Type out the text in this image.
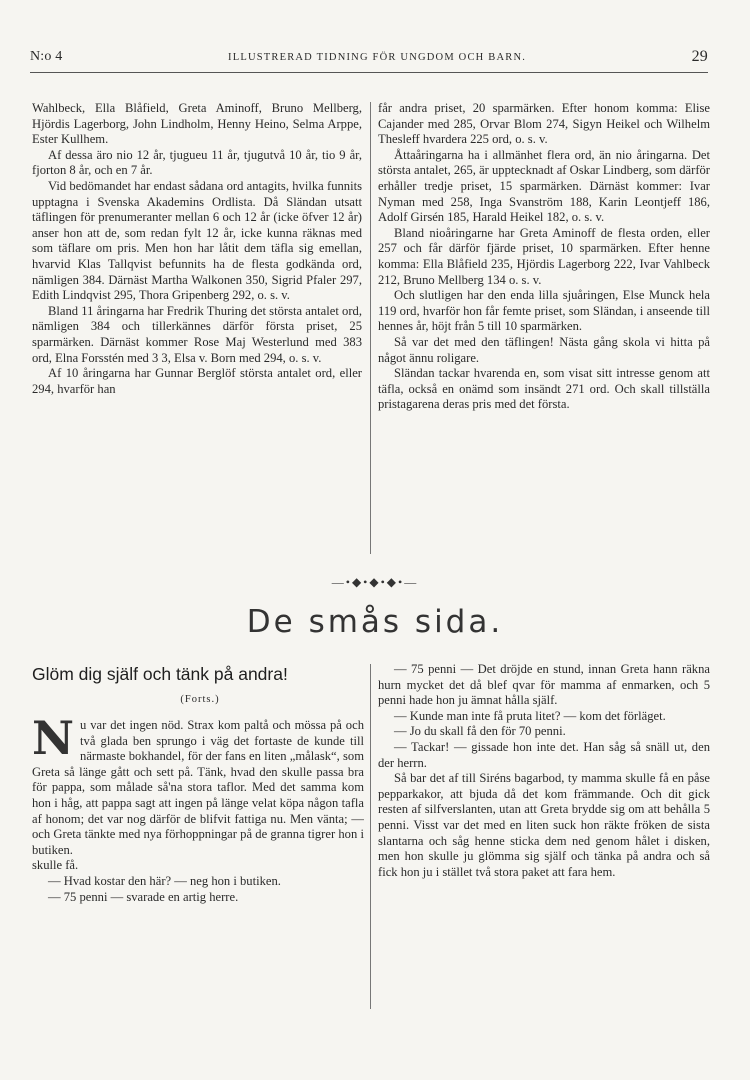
N:o 4	ILLUSTRERAD TIDNING FÖR UNGDOM OCH BARN.	29

Wahlbeck, Ella Blåfield, Greta Aminoff, Bruno Mellberg, Hjördis Lagerborg, John Lindholm, Henny Heino, Selma Arppe, Ester Kullhem.

Af dessa äro nio 12 år, tjugueu 11 år, tjugutvå 10 år, tio 9 år, fjorton 8 år, och en 7 år.

Vid bedömandet har endast sådana ord antagits, hvilka funnits upptagna i Svenska Akademins Ordlista. Då Sländan utsatt täflingen för prenumeranter mellan 6 och 12 år (icke öfver 12 år) anser hon att de, som redan fylt 12 år, icke kunna räknas med som täflare om pris. Men hon har låtit dem täfla sig emellan, hvarvid Klas Tallqvist befunnits ha de flesta godkända ord, nämligen 384. Därnäst Martha Walkonen 350, Sigrid Pfaler 297, Edith Lindqvist 295, Thora Gripenberg 292, o. s. v.

Bland 11 åringarna har Fredrik Thuring det största antalet ord, nämligen 384 och tillerkännes därför första priset, 25 sparmärken. Därnäst kommer Rose Maj Westerlund med 383 ord, Elna Forsstén med 3 3, Elsa v. Born med 294, o. s. v.

Af 10 åringarna har Gunnar Berglöf största antalet ord, eller 294, hvarför han

får andra priset, 20 sparmärken. Efter honom komma: Elise Cajander med 285, Orvar Blom 274, Sigyn Heikel och Wilhelm Thesleff hvardera 225 ord, o. s. v.

Åttaåringarna ha i allmänhet flera ord, än nio åringarna. Det största antalet, 265, är upptecknadt af Oskar Lindberg, som därför erhåller tredje priset, 15 sparmärken. Därnäst kommer: Ivar Nyman med 258, Inga Svanström 188, Karin Leontjeff 186, Adolf Girsén 185, Harald Heikel 182, o. s. v.

Bland nioåringarne har Greta Aminoff de flesta orden, eller 257 och får därför fjärde priset, 10 sparmärken. Efter henne komma: Ella Blåfield 235, Hjördis Lagerborg 222, Ivar Vahlbeck 212, Bruno Mellberg 134 o. s. v.

Och slutligen har den enda lilla sjuåringen, Else Munck hela 119 ord, hvarför hon får femte priset, som Sländan, i anseende till hennes år, höjt från 5 till 10 sparmärken.

Så var det med den täflingen! Nästa gång skola vi hitta på något ännu roligare.

Sländan tackar hvarenda en, som visat sitt intresse genom att täfla, också en onämd som insändt 271 ord. Och skall tillställa pristagarena deras pris med det första.

—•◆•◆•◆•—
De smås sida.
Glöm dig själf och tänk på andra!
(Forts.)

Nu var det ingen nöd. Strax kom paltå och mössa på och två glada ben sprungo i väg det fortaste de kunde till närmaste bokhandel, för der fans en liten „målask“, som Greta så länge gått och sett på. Tänk, hvad den skulle passa bra för pappa, som målade så'na stora taflor. Med det samma kom hon i håg, att pappa sagt att ingen på länge velat köpa någon tafla af honom; det var nog därför de blifvit fattiga nu. Men vänta; — och Greta tänkte med nya förhoppningar på de granna tigrer hon i butiken.

skulle få.

— Hvad kostar den här? — neg hon i butiken.

— 75 penni — svarade en artig herre.

— 75 penni — Det dröjde en stund, innan Greta hann räkna hurn mycket det då blef qvar för mamma af enmarken, och 5 penni hade hon ju ämnat hålla själf.

— Kunde man inte få pruta litet? — kom det förläget.

— Jo du skall få den för 70 penni.

— Tackar! — gissade hon inte det. Han såg så snäll ut, den der herrn.

Så bar det af till Siréns bagarbod, ty mamma skulle få en påse pepparkakor, att bjuda då det kom främmande. Och dit gick resten af silfverslanten, utan att Greta brydde sig om att behålla 5 penni. Visst var det med en liten suck hon räkte fröken de sista slantarna och såg henne sticka dem ned genom hålet i disken, men hon skulle ju glömma sig själf och tänka på andra och så fick hon ju i stället två stora paket att fara hem.
